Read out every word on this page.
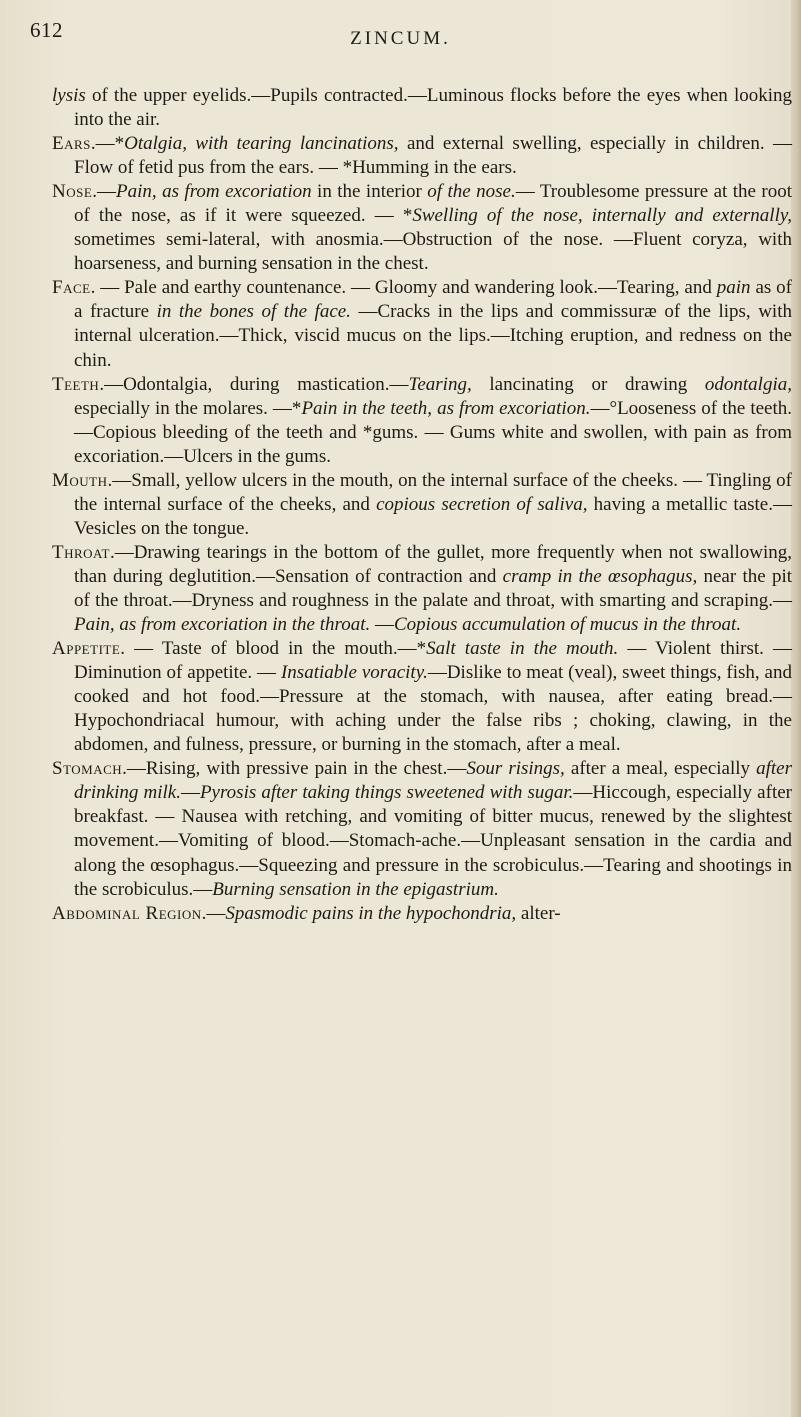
612	ZINCUM.

lysis of the upper eyelids.—Pupils contracted.—Luminous flocks before the eyes when looking into the air.

Ears.—*Otalgia, with tearing lancinations, and external swelling, especially in children. — Flow of fetid pus from the ears. — *Humming in the ears.

Nose.—Pain, as from excoriation in the interior of the nose.— Troublesome pressure at the root of the nose, as if it were squeezed. — *Swelling of the nose, internally and externally, sometimes semi-lateral, with anosmia.—Obstruction of the nose. —Fluent coryza, with hoarseness, and burning sensation in the chest.

Face. — Pale and earthy countenance. — Gloomy and wandering look.—Tearing, and pain as of a fracture in the bones of the face. —Cracks in the lips and commissuræ of the lips, with internal ulceration.—Thick, viscid mucus on the lips.—Itching eruption, and redness on the chin.

Teeth.—Odontalgia, during mastication.—Tearing, lancinating or drawing odontalgia, especially in the molares. —*Pain in the teeth, as from excoriation.—°Looseness of the teeth.—Copious bleeding of the teeth and *gums. — Gums white and swollen, with pain as from excoriation.—Ulcers in the gums.

Mouth.—Small, yellow ulcers in the mouth, on the internal surface of the cheeks. — Tingling of the internal surface of the cheeks, and copious secretion of saliva, having a metallic taste.— Vesicles on the tongue.

Throat.—Drawing tearings in the bottom of the gullet, more frequently when not swallowing, than during deglutition.—Sensation of contraction and cramp in the œsophagus, near the pit of the throat.—Dryness and roughness in the palate and throat, with smarting and scraping.—Pain, as from excoriation in the throat. —Copious accumulation of mucus in the throat.

Appetite. — Taste of blood in the mouth.—*Salt taste in the mouth. — Violent thirst. — Diminution of appetite. — Insatiable voracity.—Dislike to meat (veal), sweet things, fish, and cooked and hot food.—Pressure at the stomach, with nausea, after eating bread.—Hypochondriacal humour, with aching under the false ribs ; choking, clawing, in the abdomen, and fulness, pressure, or burning in the stomach, after a meal.

Stomach.—Rising, with pressive pain in the chest.—Sour risings, after a meal, especially after drinking milk.—Pyrosis after taking things sweetened with sugar.—Hiccough, especially after breakfast. — Nausea with retching, and vomiting of bitter mucus, renewed by the slightest movement.—Vomiting of blood.—Stomach-ache.—Unpleasant sensation in the cardia and along the œsophagus.—Squeezing and pressure in the scrobiculus.—Tearing and shootings in the scrobiculus.—Burning sensation in the epigastrium.

Abdominal Region.—Spasmodic pains in the hypochondria, alter-
